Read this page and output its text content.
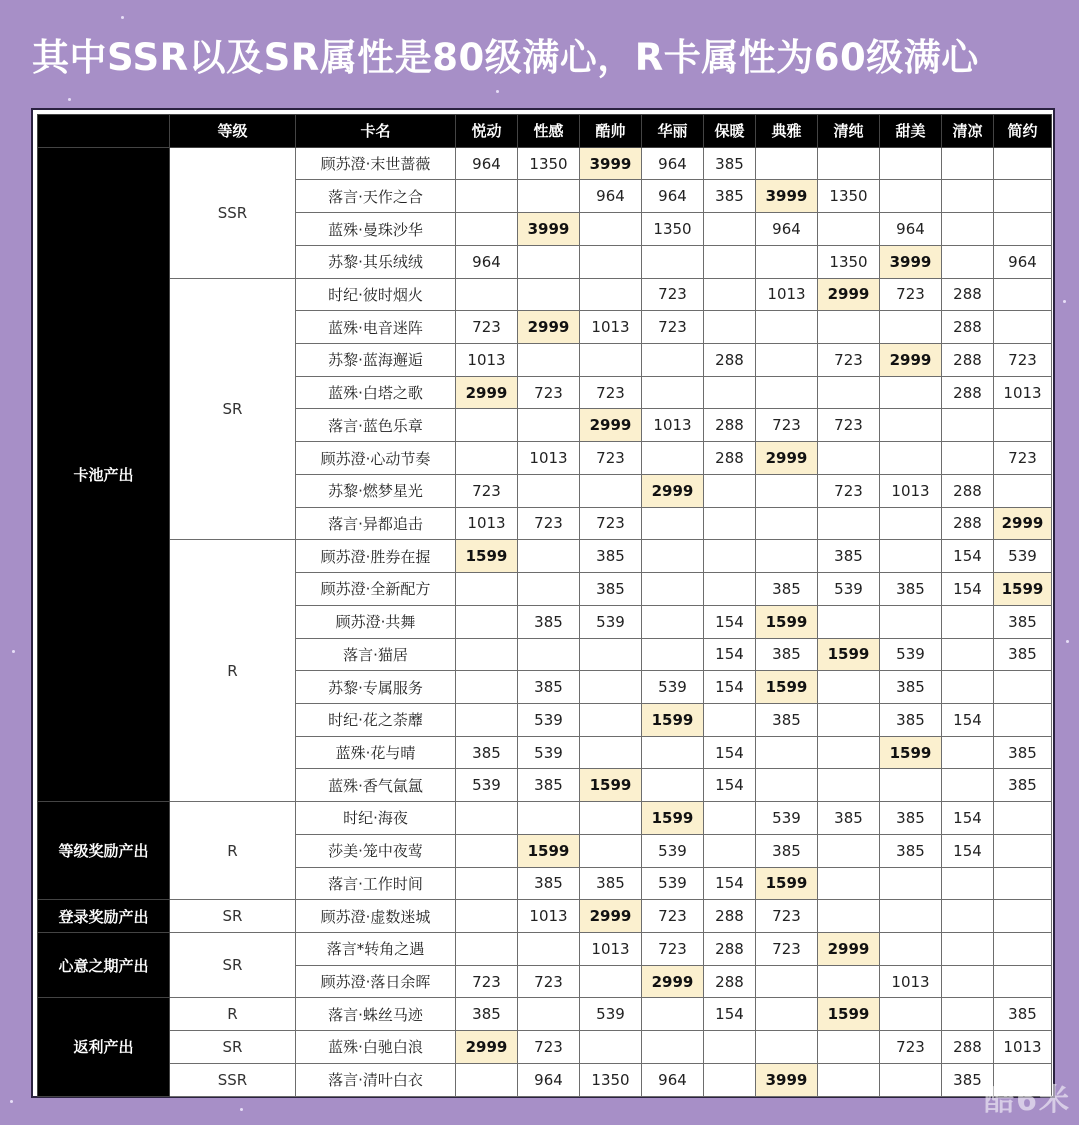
其中SSR以及SR属性是80级满心，R卡属性为60级满心
	等级	卡名	悦动	性感	酷帅	华丽	保暖	典雅	清纯	甜美	清凉	简约
卡池产出	SSR	顾苏澄·末世蔷薇	964	1350	3999	964	385					
		落言·天作之合			964	964	385	3999	1350			
		蓝殊·曼珠沙华		3999		1350		964		964		
		苏黎·其乐绒绒	964						1350	3999		964
	SR	时纪·彼时烟火				723		1013	2999	723	288	
		蓝殊·电音迷阵	723	2999	1013	723					288	
		苏黎·蓝海邂逅	1013				288		723	2999	288	723
		蓝殊·白塔之歌	2999	723	723						288	1013
		落言·蓝色乐章			2999	1013	288	723	723			
		顾苏澄·心动节奏		1013	723		288	2999				723
		苏黎·燃梦星光	723			2999			723	1013	288	
		落言·异都追击	1013	723	723						288	2999
	R	顾苏澄·胜券在握	1599		385				385		154	539
		顾苏澄·全新配方			385			385	539	385	154	1599
		顾苏澄·共舞		385	539		154	1599				385
		落言·猫居					154	385	1599	539		385
		苏黎·专属服务		385		539	154	1599		385		
		时纪·花之荼蘼		539		1599		385		385	154	
		蓝殊·花与晴	385	539			154			1599		385
		蓝殊·香气氤氲	539	385	1599		154					385
等级奖励产出	R	时纪·海夜				1599		539	385	385	154	
		莎美·笼中夜莺		1599		539		385		385	154	
		落言·工作时间		385	385	539	154	1599				
登录奖励产出	SR	顾苏澄·虚数迷城		1013	2999	723	288	723				
心意之期产出	SR	落言*转角之遇			1013	723	288	723	2999			
		顾苏澄·落日余晖	723	723		2999	288			1013		
返利产出	R	落言·蛛丝马迹	385		539		154		1599			385
	SR	蓝殊·白驰白浪	2999	723						723	288	1013
	SSR	落言·清叶白衣		964	1350	964		3999			385	
酷6米
